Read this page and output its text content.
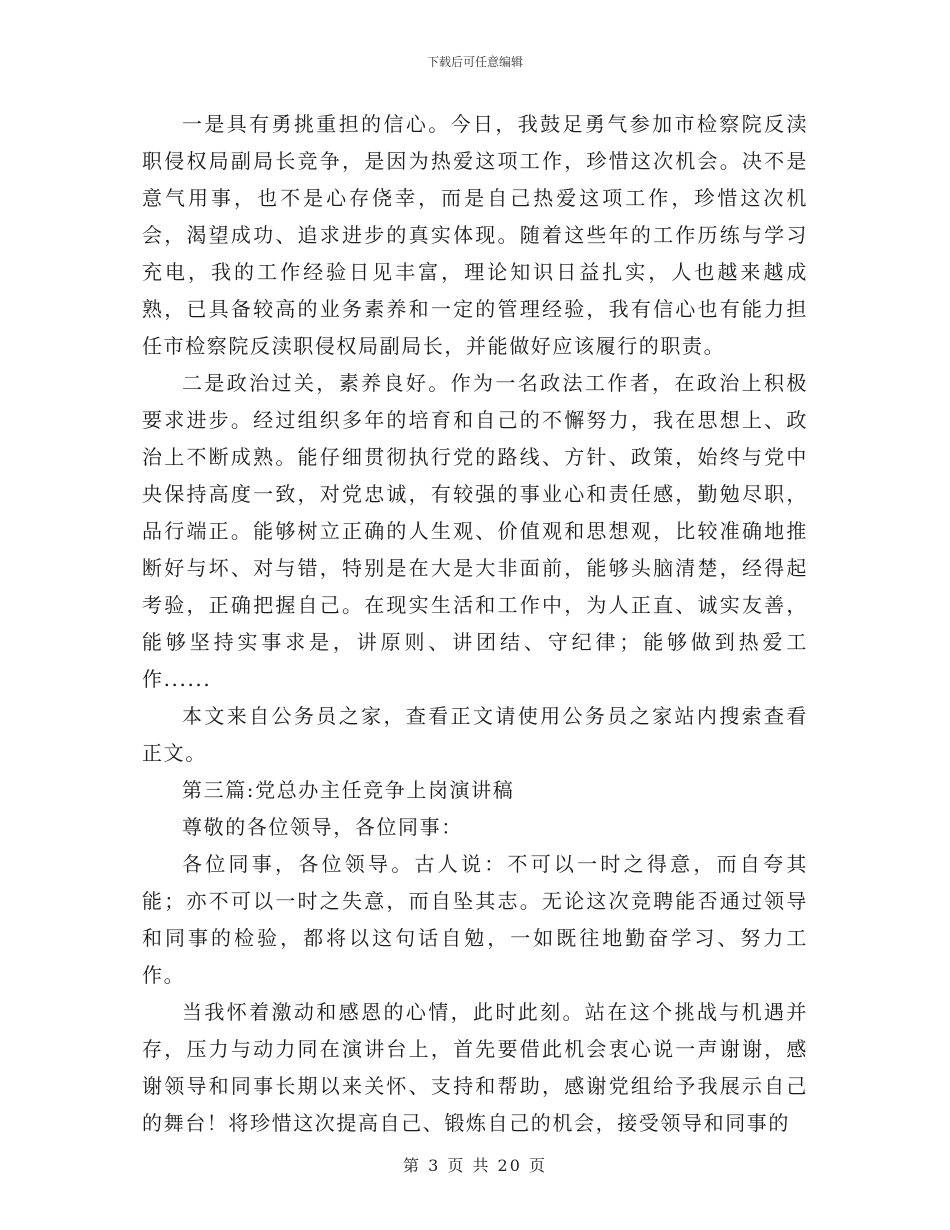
下载后可任意编辑

一是具有勇挑重担的信心。今日，我鼓足勇气参加市检察院反渎职侵权局副局长竞争，是因为热爱这项工作，珍惜这次机会。决不是意气用事，也不是心存侥幸，而是自己热爱这项工作，珍惜这次机会，渴望成功、追求进步的真实体现。随着这些年的工作历练与学习充电，我的工作经验日见丰富，理论知识日益扎实，人也越来越成熟，已具备较高的业务素养和一定的管理经验，我有信心也有能力担任市检察院反渎职侵权局副局长，并能做好应该履行的职责。

二是政治过关，素养良好。作为一名政法工作者，在政治上积极要求进步。经过组织多年的培育和自己的不懈努力，我在思想上、政治上不断成熟。能仔细贯彻执行党的路线、方针、政策，始终与党中央保持高度一致，对党忠诚，有较强的事业心和责任感，勤勉尽职，品行端正。能够树立正确的人生观、价值观和思想观，比较准确地推断好与坏、对与错，特别是在大是大非面前，能够头脑清楚，经得起考验，正确把握自己。在现实生活和工作中，为人正直、诚实友善，能够坚持实事求是，讲原则、讲团结、守纪律；能够做到热爱工作......

本文来自公务员之家，查看正文请使用公务员之家站内搜索查看正文。

第三篇:党总办主任竞争上岗演讲稿

尊敬的各位领导，各位同事：

各位同事，各位领导。古人说：不可以一时之得意，而自夸其能；亦不可以一时之失意，而自坠其志。无论这次竞聘能否通过领导和同事的检验，都将以这句话自勉，一如既往地勤奋学习、努力工作。

当我怀着激动和感恩的心情，此时此刻。站在这个挑战与机遇并存，压力与动力同在演讲台上，首先要借此机会衷心说一声谢谢，感谢领导和同事长期以来关怀、支持和帮助，感谢党组给予我展示自己的舞台！将珍惜这次提高自己、锻炼自己的机会，接受领导和同事的

第 3 页 共 20 页
